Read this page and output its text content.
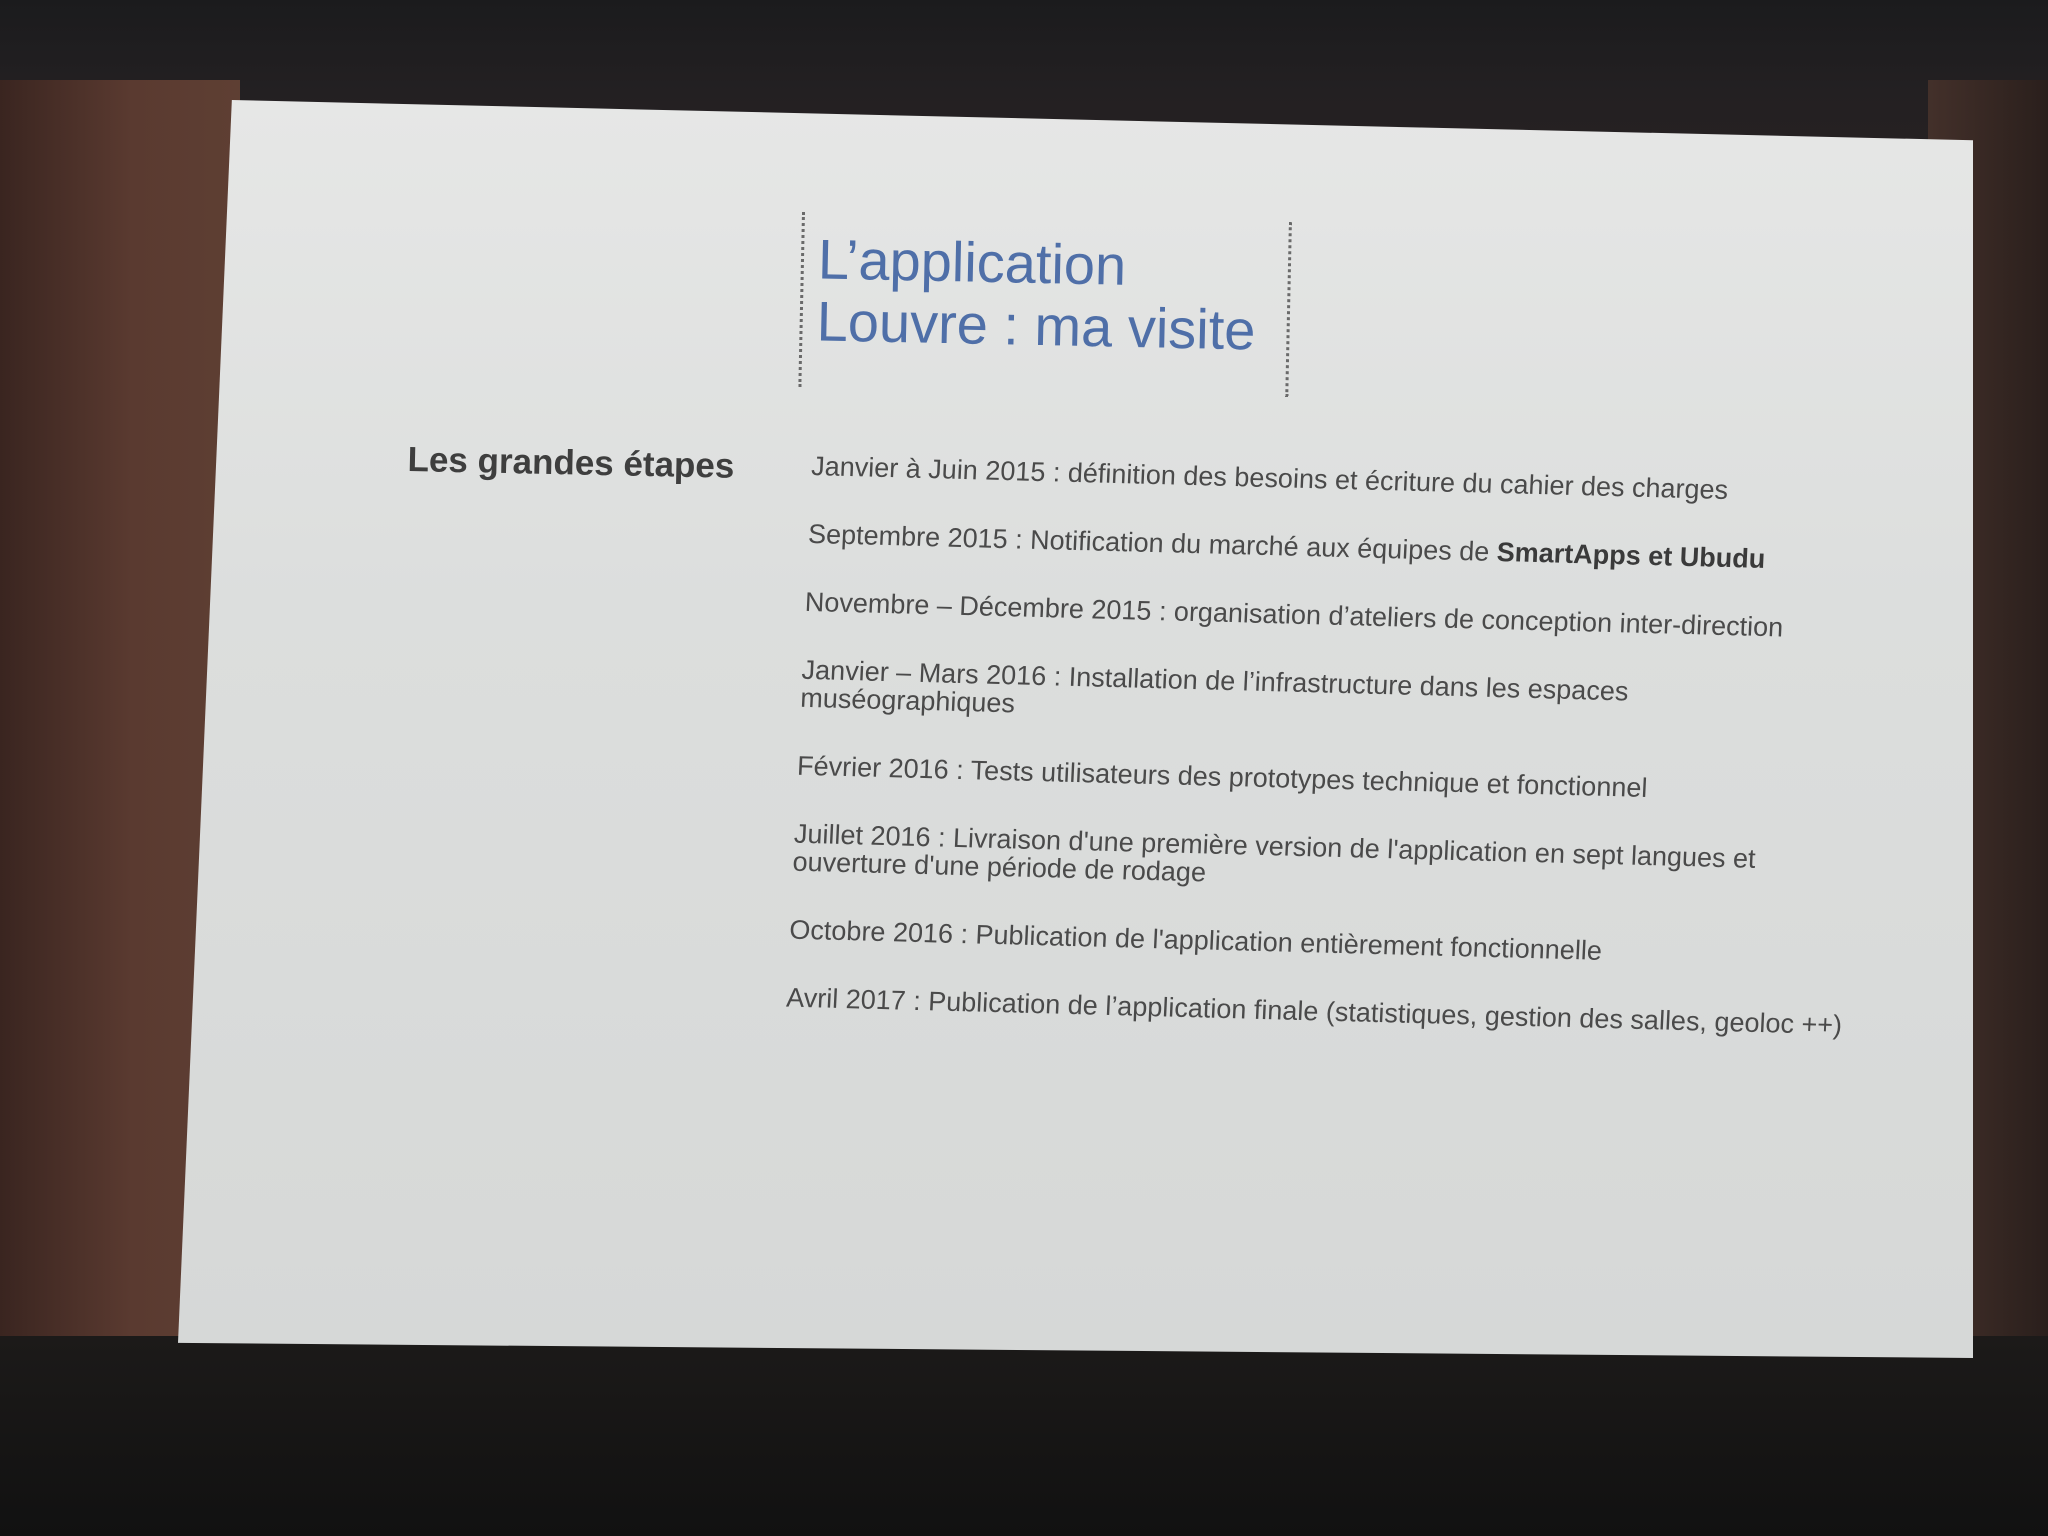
L’application
Louvre : ma visite
Les grandes étapes	Janvier à Juin 2015 : définition des besoins et écriture du cahier des charges
Septembre 2015 : Notification du marché aux équipes de SmartApps et Ubudu
Novembre – Décembre 2015 : organisation d’ateliers de conception inter-direction
Janvier – Mars 2016 : Installation de l’infrastructure dans les espaces muséographiques
Février 2016 : Tests utilisateurs des prototypes technique et fonctionnel
Juillet 2016 : Livraison d'une première version de l'application en sept langues et ouverture d'une période de rodage
Octobre 2016 : Publication de l'application entièrement fonctionnelle
Avril 2017 : Publication de l’application finale (statistiques, gestion des salles, geoloc ++)
